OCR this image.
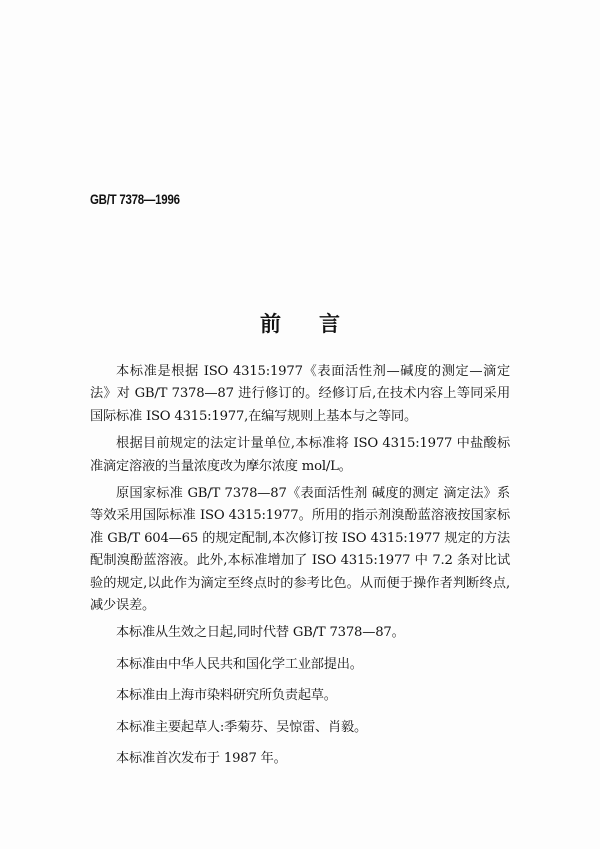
GB/T 7378—1996
前 言

本标准是根据 ISO 4315:1977《表面活性剂—碱度的测定—滴定法》对 GB/T 7378—87 进行修订的。经修订后,在技术内容上等同采用国际标准 ISO 4315:1977,在编写规则上基本与之等同。

根据目前规定的法定计量单位,本标准将 ISO 4315:1977 中盐酸标准滴定溶液的当量浓度改为摩尔浓度 mol/L。

原国家标准 GB/T 7378—87《表面活性剂 碱度的测定 滴定法》系等效采用国际标准 ISO 4315:1977。所用的指示剂溴酚蓝溶液按国家标准 GB/T 604—65 的规定配制,本次修订按 ISO 4315:1977 规定的方法配制溴酚蓝溶液。此外,本标准增加了 ISO 4315:1977 中 7.2 条对比试验的规定,以此作为滴定至终点时的参考比色。从而便于操作者判断终点,减少误差。

本标准从生效之日起,同时代替 GB/T 7378—87。

本标准由中华人民共和国化学工业部提出。

本标准由上海市染料研究所负责起草。

本标准主要起草人:季菊芬、吴惊雷、肖毅。

本标准首次发布于 1987 年。
